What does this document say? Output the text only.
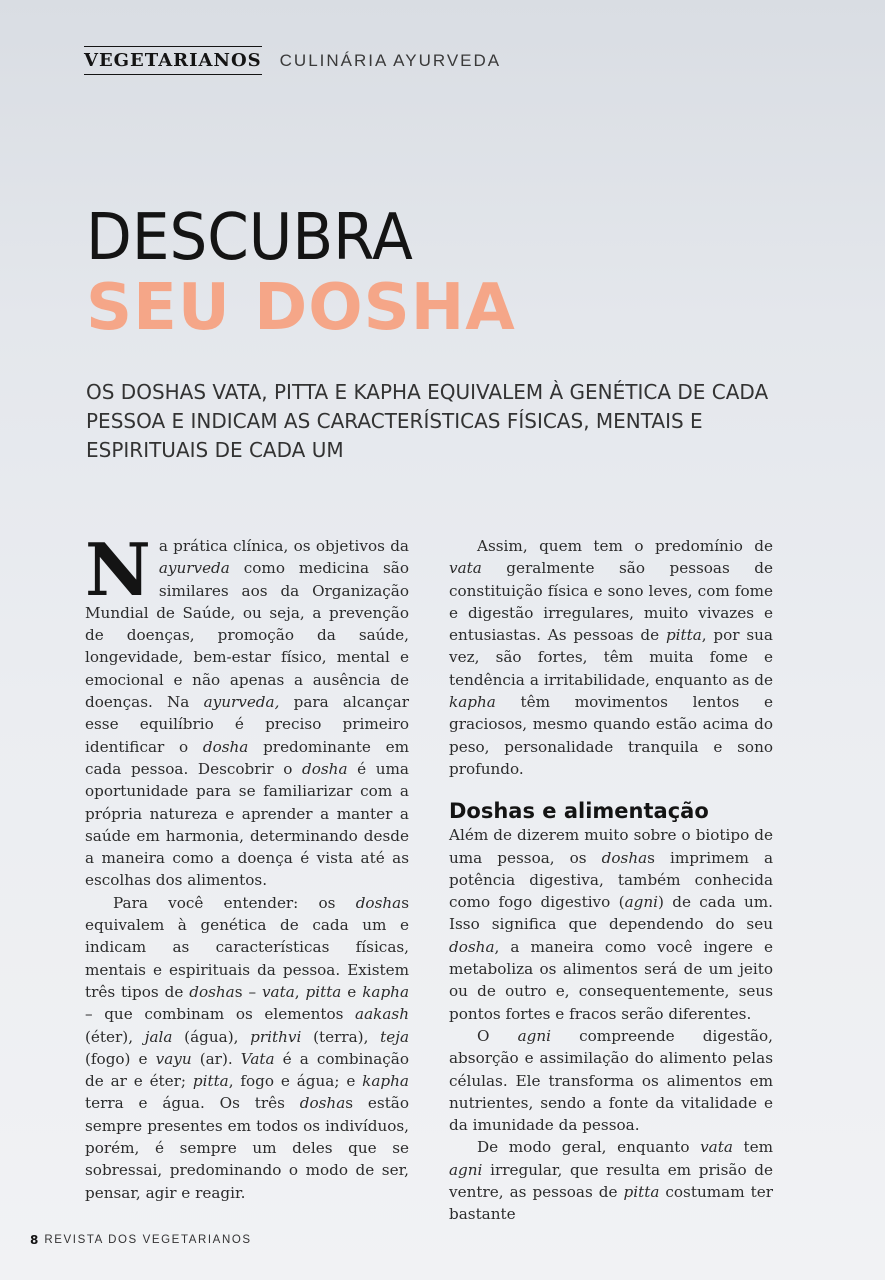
VEGETARIANOS CULINÁRIA AYURVEDA
DESCUBRA
SEU DOSHA

OS DOSHAS VATA, PITTA E KAPHA EQUIVALEM À GENÉTICA DE CADA PESSOA E INDICAM AS CARACTERÍSTICAS FÍSICAS, MENTAIS E ESPIRITUAIS DE CADA UM

N a prática clínica, os objetivos da ayurveda como medicina são similares aos da Organização Mundial de Saúde, ou seja, a prevenção de doenças, promoção da saúde, longevidade, bem-estar físico, mental e emocional e não apenas a ausência de doenças. Na ayurveda, para alcançar esse equilíbrio é preciso primeiro identificar o dosha predominante em cada pessoa. Descobrir o dosha é uma oportunidade para se familiarizar com a própria natureza e aprender a manter a saúde em harmonia, determinando desde a maneira como a doença é vista até as escolhas dos alimentos.

Para você entender: os doshas equivalem à genética de cada um e indicam as características físicas, mentais e espirituais da pessoa. Existem três tipos de doshas – vata, pitta e kapha – que combinam os elementos aakash (éter), jala (água), prithvi (terra), teja (fogo) e vayu (ar). Vata é a combinação de ar e éter; pitta, fogo e água; e kapha terra e água. Os três doshas estão sempre presentes em todos os indivíduos, porém, é sempre um deles que se sobressai, predominando o modo de ser, pensar, agir e reagir.

Assim, quem tem o predomínio de vata geralmente são pessoas de constituição física e sono leves, com fome e digestão irregulares, muito vivazes e entusiastas. As pessoas de pitta, por sua vez, são fortes, têm muita fome e tendência a irritabilidade, enquanto as de kapha têm movimentos lentos e graciosos, mesmo quando estão acima do peso, personalidade tranquila e sono profundo.

Doshas e alimentação

Além de dizerem muito sobre o biotipo de uma pessoa, os doshas imprimem a potência digestiva, também conhecida como fogo digestivo (agni) de cada um. Isso significa que dependendo do seu dosha, a maneira como você ingere e metaboliza os alimentos será de um jeito ou de outro e, consequentemente, seus pontos fortes e fracos serão diferentes.

O agni compreende digestão, absorção e assimilação do alimento pelas células. Ele transforma os alimentos em nutrientes, sendo a fonte da vitalidade e da imunidade da pessoa.

De modo geral, enquanto vata tem agni irregular, que resulta em prisão de ventre, as pessoas de pitta costumam ter bastante

8 REVISTA DOS VEGETARIANOS
